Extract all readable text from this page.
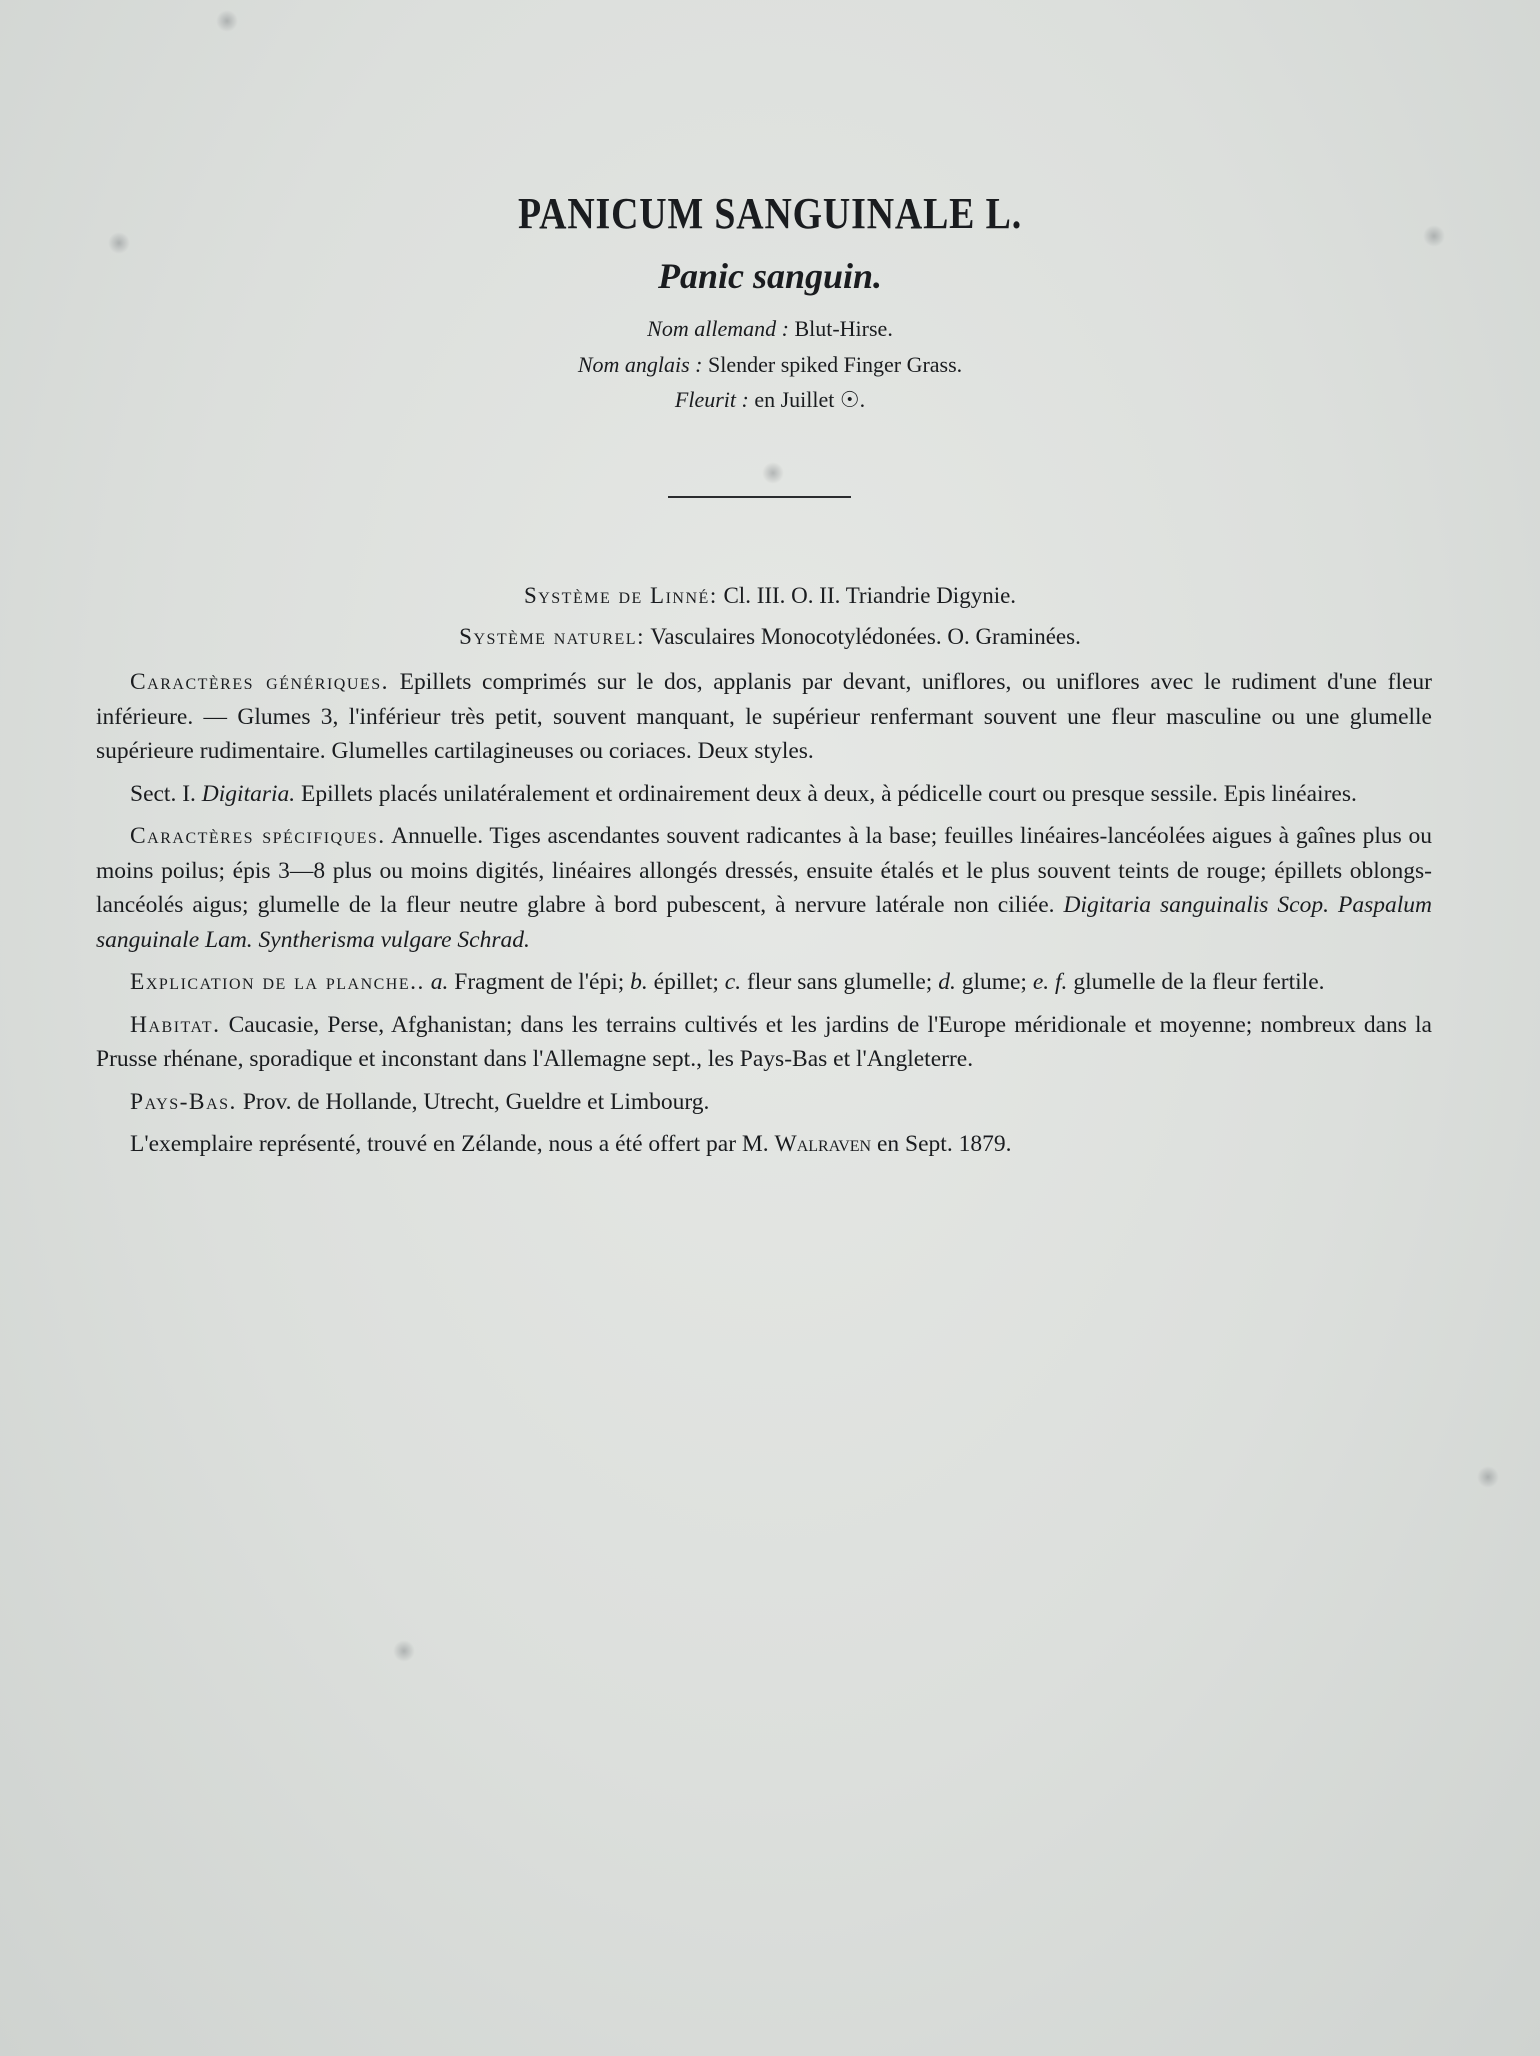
PANICUM SANGUINALE L.
Panic sanguin.
Nom allemand : Blut-Hirse.
Nom anglais : Slender spiked Finger Grass.
Fleurit : en Juillet ☉.
Système de Linné: Cl. III. O. II. Triandrie Digynie.
Système naturel: Vasculaires Monocotylédonées. O. Graminées.

Caractères génériques. Epillets comprimés sur le dos, applanis par devant, uniflores, ou uniflores avec le rudiment d'une fleur inférieure. — Glumes 3, l'inférieur très petit, souvent manquant, le supérieur renfermant souvent une fleur masculine ou une glumelle supérieure rudimentaire. Glumelles cartilagineuses ou coriaces. Deux styles.

Sect. I. Digitaria. Epillets placés unilatéralement et ordinairement deux à deux, à pédicelle court ou presque sessile. Epis linéaires.

Caractères spécifiques. Annuelle. Tiges ascendantes souvent radicantes à la base; feuilles linéaires-lancéolées aigues à gaînes plus ou moins poilus; épis 3—8 plus ou moins digités, linéaires allongés dressés, ensuite étalés et le plus souvent teints de rouge; épillets oblongs-lancéolés aigus; glumelle de la fleur neutre glabre à bord pubescent, à nervure latérale non ciliée. Digitaria sanguinalis Scop. Paspalum sanguinale Lam. Syntherisma vulgare Schrad.

Explication de la planche.. a. Fragment de l'épi; b. épillet; c. fleur sans glumelle; d. glume; e. f. glumelle de la fleur fertile.

Habitat. Caucasie, Perse, Afghanistan; dans les terrains cultivés et les jardins de l'Europe méridionale et moyenne; nombreux dans la Prusse rhénane, sporadique et inconstant dans l'Allemagne sept., les Pays-Bas et l'Angleterre.

Pays-Bas. Prov. de Hollande, Utrecht, Gueldre et Limbourg.

L'exemplaire représenté, trouvé en Zélande, nous a été offert par M. Walraven en Sept. 1879.
